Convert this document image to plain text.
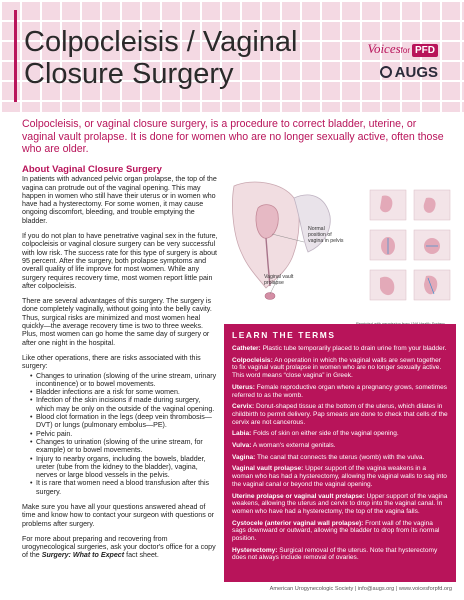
Colpocleisis / Vaginal Closure Surgery
Voicesfor PFD
AUGS

Colpocleisis, or vaginal closure surgery, is a procedure to correct bladder, uterine, or vaginal vault prolapse. It is done for women who are no longer sexually active, often those who are older.

About Vaginal Closure Surgery

In patients with advanced pelvic organ prolapse, the top of the vagina can protrude out of the vaginal opening. This may happen in women who still have their uterus or in women who have had a hysterectomy. For some women, it may cause ongoing discomfort, bleeding, and trouble emptying the bladder.

If you do not plan to have penetrative vaginal sex in the future, colpocleisis or vaginal closure surgery can be very successful with low risk. The success rate for this type of surgery is about 95 percent. After the surgery, both prolapse symptoms and overall quality of life improve for most women. While any surgery requires recovery time, most women report little pain after colpocleisis.

There are several advantages of this surgery. The surgery is done completely vaginally, without going into the belly cavity. Thus, surgical risks are minimized and most women heal quickly—the average recovery time is two to three weeks. Plus, most women can go home the same day of surgery or after one night in the hospital.

Like other operations, there are risks associated with this surgery:

• Changes to urination (slowing of the urine stream, urinary incontinence) or to bowel movements.
• Bladder infections are a risk for some women.
• Infection of the skin incisions if made during surgery, which may be only on the outside of the vaginal opening.
• Blood clot formation in the legs (deep vein thrombosis—DVT) or lungs (pulmonary embolus—PE).
• Pelvic pain.
• Changes to urination (slowing of the urine stream, for example) or to bowel movements.
• Injury to nearby organs, including the bowels, bladder, ureter (tube from the kidney to the bladder), vagina, nerves or large blood vessels in the pelvis.
• It is rare that women need a blood transfusion after this surgery.

Make sure you have all your questions answered ahead of time and know how to contact your surgeon with questions or problems after surgery.

For more about preparing and recovering from urogynecological surgeries, ask your doctor's office for a copy of the Surgery: What to Expect fact sheet.

Normal position of vagina in pelvis
Vaginal vault prolapse
LEARN THE TERMS

Catheter: Plastic tube temporarily placed to drain urine from your bladder.

Colpocleisis: An operation in which the vaginal walls are sewn together to fix vaginal vault prolapse in women who are no longer sexually active. This word means “close vagina” in Greek.

Uterus: Female reproductive organ where a pregnancy grows, sometimes referred to as the womb.

Cervix: Donut-shaped tissue at the bottom of the uterus, which dilates in childbirth to permit delivery. Pap smears are done to check that cells of the cervix are not cancerous.

Labia: Folds of skin on either side of the vaginal opening.

Vulva: A woman's external genitals.

Vagina: The canal that connects the uterus (womb) with the vulva.

Vaginal vault prolapse: Upper support of the vagina weakens in a woman who has had a hysterectomy, allowing the vaginal walls to sag into the vaginal canal or beyond the vaginal opening.

Uterine prolapse or vaginal vault prolapse: Upper support of the vagina weakens, allowing the uterus and cervix to drop into the vaginal canal. In women who have had a hysterectomy, the top of the vagina falls.

Cystocele (anterior vaginal wall prolapse): Front wall of the vagina sags downward or outward, allowing the bladder to drop from its normal position.

Hysterectomy: Surgical removal of the uterus. Note that hysterectomy does not always include removal of ovaries.

American Urogynecologic Society | info@augs.org | www.voicesforpfd.org
